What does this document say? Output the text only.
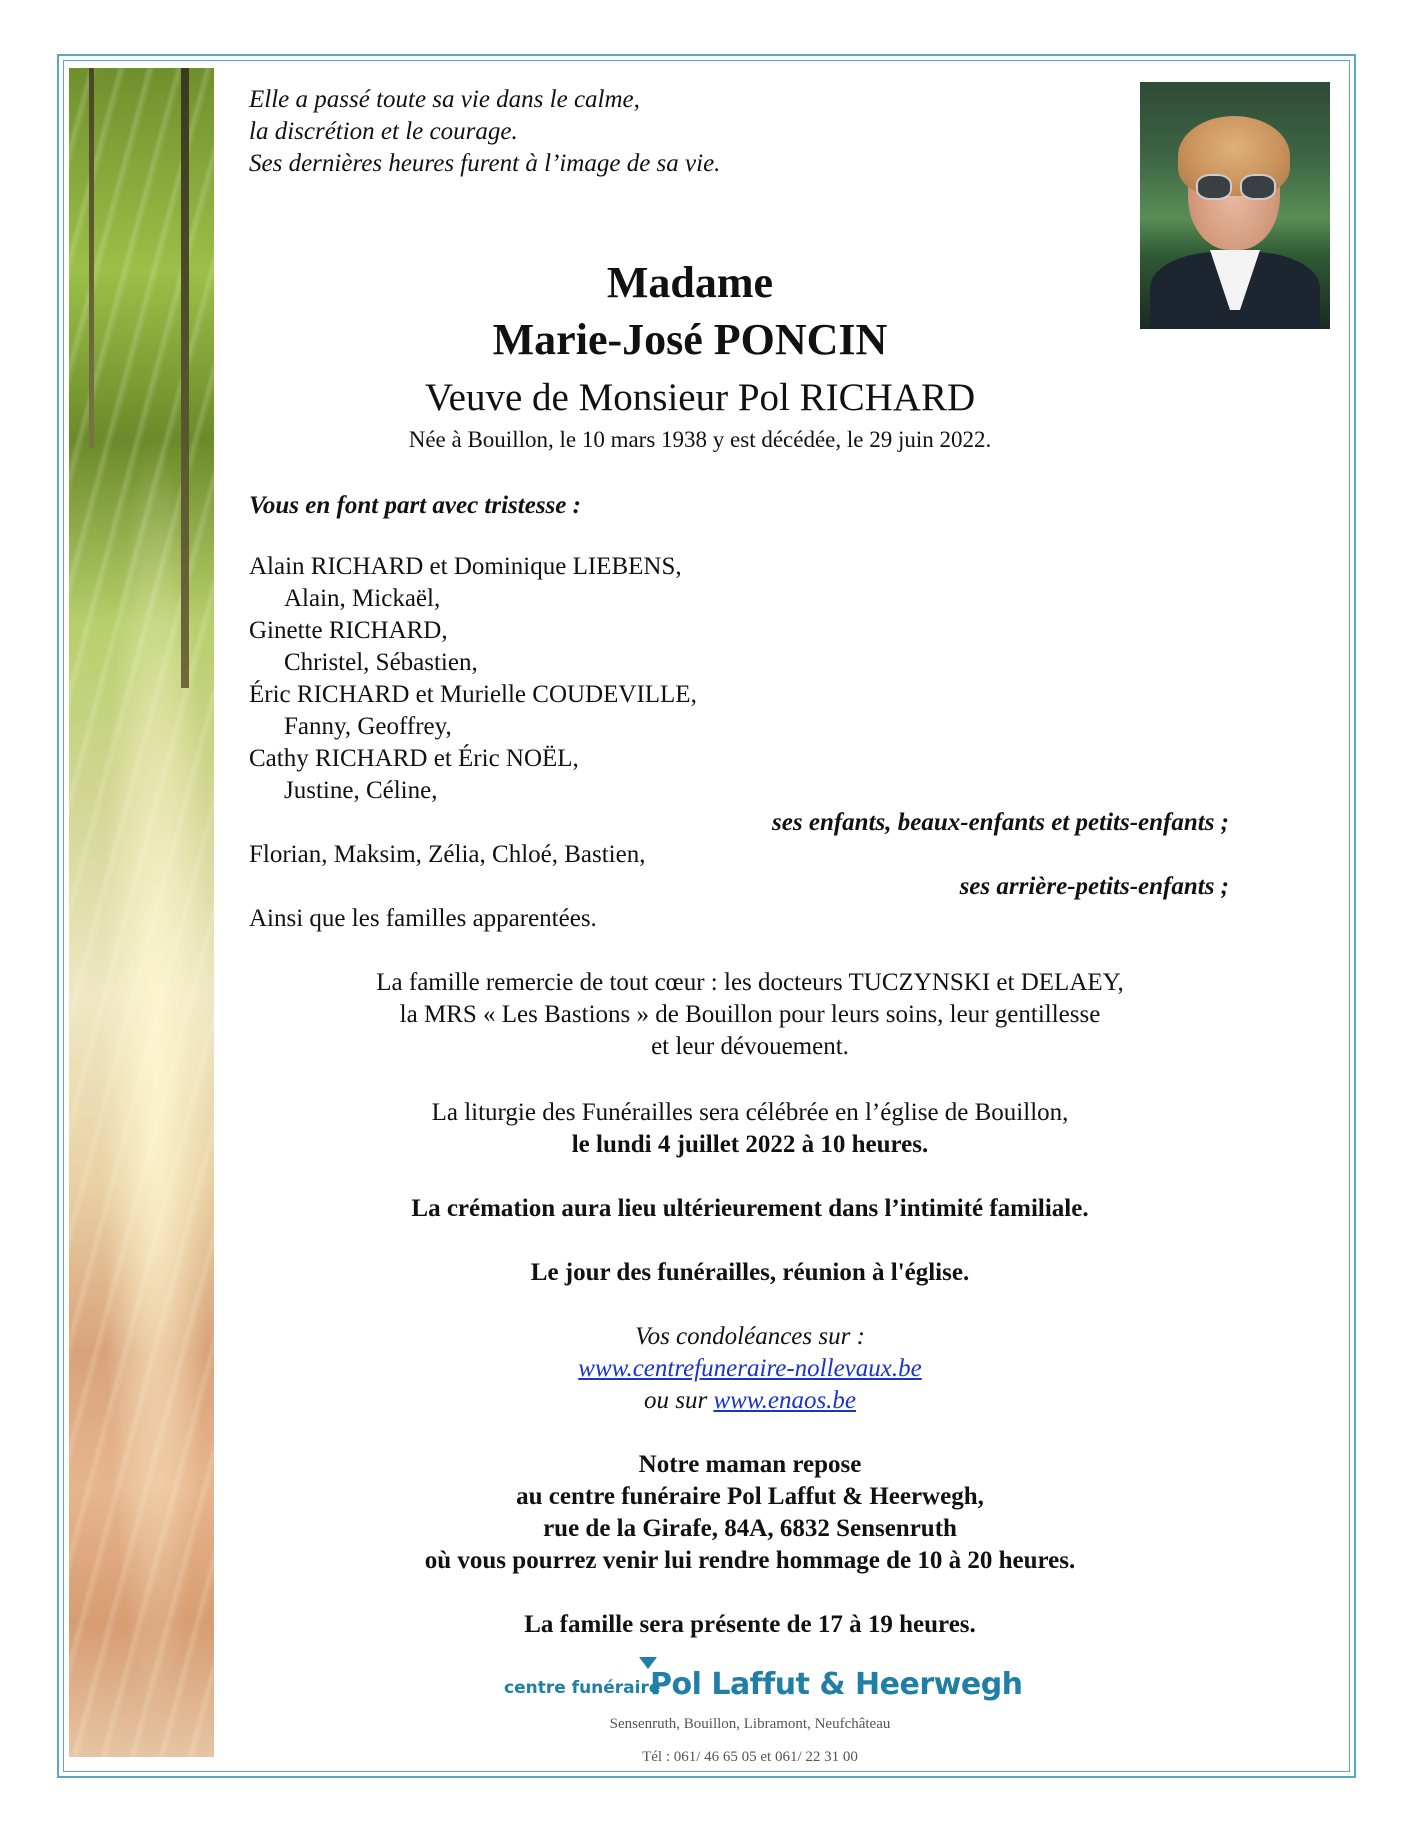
Elle a passé toute sa vie dans le calme,
la discrétion et le courage.
Ses dernières heures furent à l’image de sa vie.
Madame
Marie-José PONCIN
Veuve de Monsieur Pol RICHARD
Née à Bouillon, le 10 mars 1938 y est décédée, le 29 juin 2022.
Vous en font part avec tristesse :
Alain RICHARD et Dominique LIEBENS,
Alain, Mickaël,
Ginette RICHARD,
Christel, Sébastien,
Éric RICHARD et Murielle COUDEVILLE,
Fanny, Geoffrey,
Cathy RICHARD et Éric NOËL,
Justine, Céline,
ses enfants, beaux-enfants et petits-enfants ;
Florian, Maksim, Zélia, Chloé, Bastien,
ses arrière-petits-enfants ;
Ainsi que les familles apparentées.
La famille remercie de tout cœur : les docteurs TUCZYNSKI et DELAEY,
la MRS « Les Bastions » de Bouillon pour leurs soins, leur gentillesse
et leur dévouement.
La liturgie des Funérailles sera célébrée en l’église de Bouillon,
le lundi 4 juillet 2022 à 10 heures.
La crémation aura lieu ultérieurement dans l’intimité familiale.
Le jour des funérailles, réunion à l'église.
Vos condoléances sur :
www.centrefuneraire-nollevaux.be
ou sur www.enaos.be
Notre maman repose
au centre funéraire Pol Laffut & Heerwegh,
rue de la Girafe, 84A, 6832 Sensenruth
où vous pourrez venir lui rendre hommage de 10 à 20 heures.
La famille sera présente de 17 à 19 heures.
centre funéraire
Pol Laffut & Heerwegh
Sensenruth, Bouillon, Libramont, Neufchâteau
Tél : 061/ 46 65 05 et 061/ 22 31 00
